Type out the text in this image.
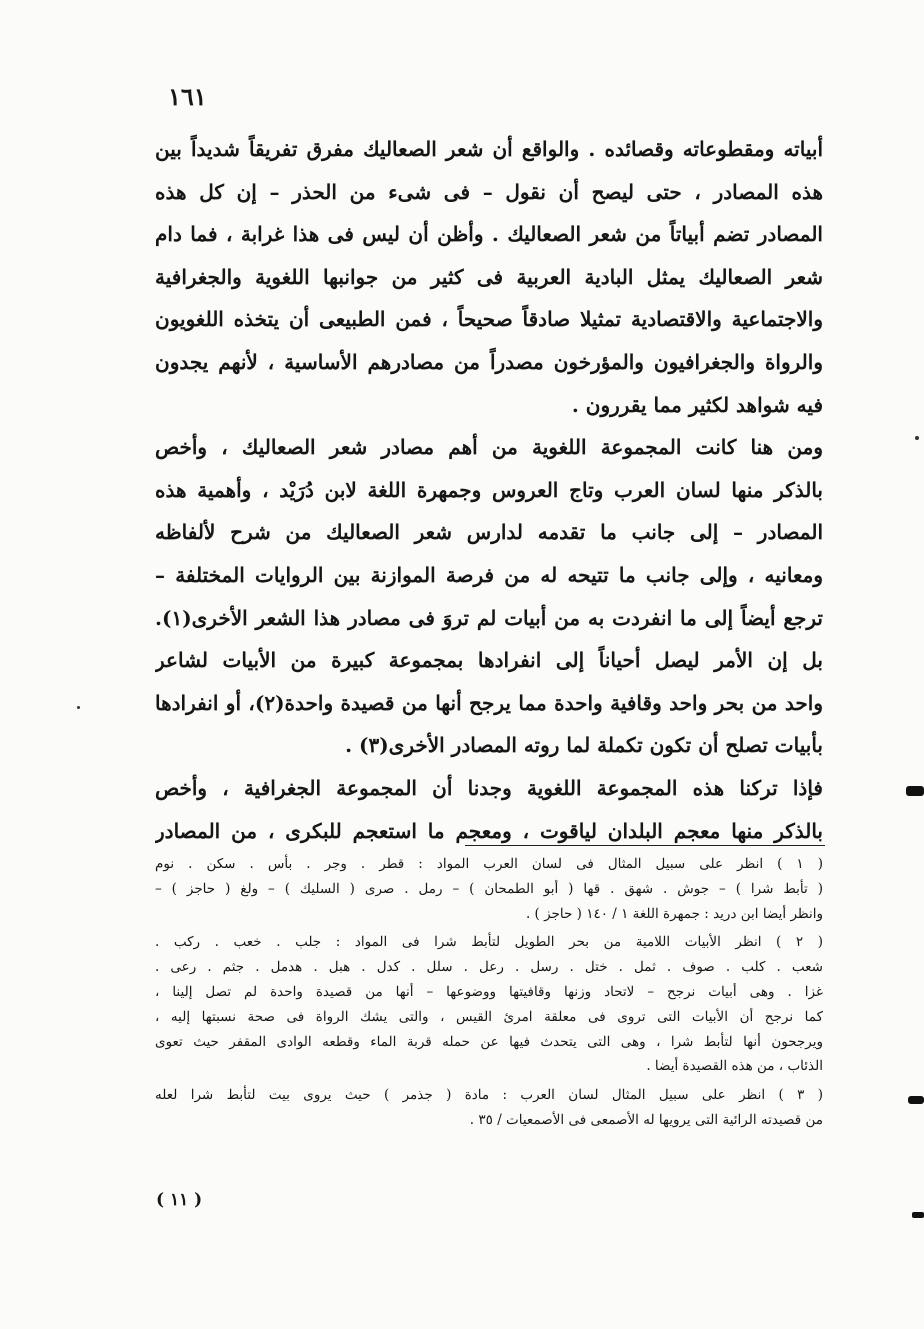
١٦١
أبياته ومقطوعاته وقصائده . والواقع أن شعر الصعاليك مفرق تفريقاً شديداً بين
هذه المصادر ، حتى ليصح أن نقول – فى شىء من الحذر – إن كل هذه
المصادر تضم أبياتاً من شعر الصعاليك . وأظن أن ليس فى هذا غرابة ، فما دام
شعر الصعاليك يمثل البادية العربية فى كثير من جوانبها اللغوية والجغرافية
والاجتماعية والاقتصادية تمثيلا صادقاً صحيحاً ، فمن الطبيعى أن يتخذه اللغويون
والرواة والجغرافيون والمؤرخون مصدراً من مصادرهم الأساسية ، لأنهم يجدون
فيه شواهد لكثير مما يقررون .
ومن هنا كانت المجموعة اللغوية من أهم مصادر شعر الصعاليك ، وأخص
بالذكر منها لسان العرب وتاج العروس وجمهرة اللغة لابن دُرَيْد ، وأهمية هذه
المصادر – إلى جانب ما تقدمه لدارس شعر الصعاليك من شرح لألفاظه
ومعانيه ، وإلى جانب ما تتيحه له من فرصة الموازنة بين الروايات المختلفة –
ترجع أيضاً إلى ما انفردت به من أبيات لم تروَ فى مصادر هذا الشعر الأخرى(١).
بل إن الأمر ليصل أحياناً إلى انفرادها بمجموعة كبيرة من الأبيات لشاعر
واحد من بحر واحد وقافية واحدة مما يرجح أنها من قصيدة واحدة(٢)، أو انفرادها
بأبيات تصلح أن تكون تكملة لما روته المصادر الأخرى(٣) .
فإذا تركنا هذه المجموعة اللغوية وجدنا أن المجموعة الجغرافية ، وأخص
بالذكر منها معجم البلدان لياقوت ، ومعجم ما استعجم للبكرى ، من المصادر
( ١ ) انظر على سبيل المثال فى لسان العرب المواد : قطر . وجر . بأس . سكن . نوم
( تأبط شرا ) – جوش . شهق . قها ( أبو الطمحان ) – رمل . صرى ( السليك ) – ولغ ( حاجز ) –
وانظر أيضا ابن دريد : جمهرة اللغة ١ / ١٤٠ ( حاجز ) .
( ٢ ) انظر الأبيات اللامية من بحر الطويل لتأبط شرا فى المواد : جلب . خعب . ركب .
شعب . كلب . صوف . ثمل . ختل . رسل . رعل . سلل . كدل . هبل . هدمل . جثم . رعى .
غزا . وهى أبيات نرجح – لاتحاد وزنها وقافيتها ووضوعها – أنها من قصيدة واحدة لم تصل إلينا ،
كما نرجح أن الأبيات التى تروى فى معلقة امرئ القيس ، والتى يشك الرواة فى صحة نسبتها إليه ،
ويرجحون أنها لتأبط شرا ، وهى التى يتحدث فيها عن حمله قربة الماء وقطعه الوادى المقفر حيث تعوى
الذئاب ، من هذه القصيدة أيضا .
( ٣ ) انظر على سبيل المثال لسان العرب : مادة ( جذمر ) حيث يروى بيت لتأبط شرا لعله
من قصيدته الرائية التى يرويها له الأصمعى فى الأصمعيات / ٣٥ .
( ١١ )
